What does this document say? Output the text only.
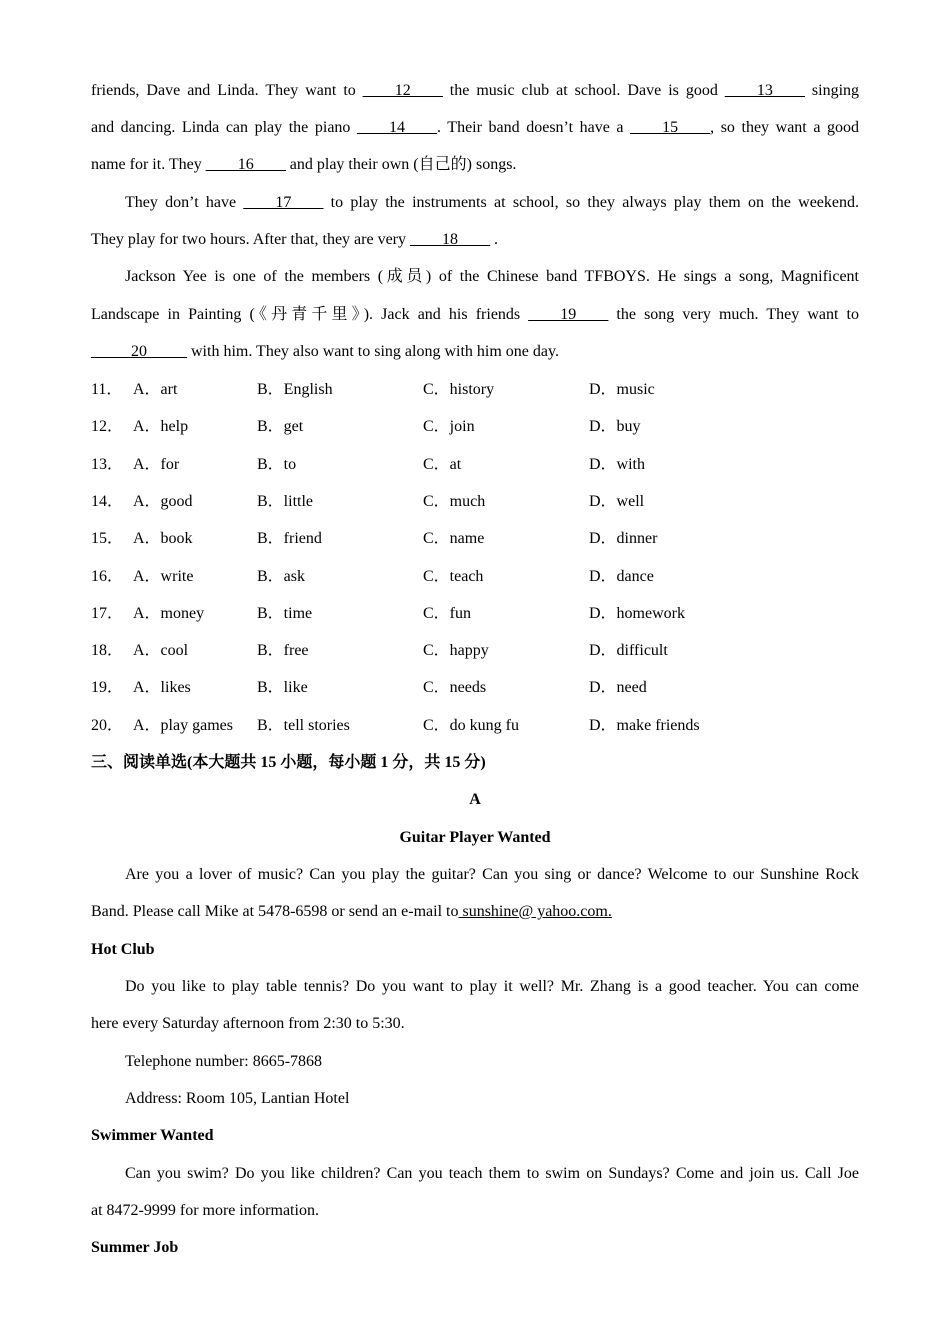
friends, Dave and Linda. They want to ____12____ the music club at school. Dave is good ____13____ singing
and dancing. Linda can play the piano ____14____. Their band doesn’t have a ____15____, so they want a good
name for it. They ____16____ and play their own (自己的) songs.
They don’t have ____17____ to play the instruments at school, so they always play them on the weekend.
They play for two hours. After that, they are very ____18____ .
Jackson Yee is one of the members (成员) of the Chinese band TFBOYS. He sings a song, Magnificent
Landscape in Painting (《丹青千里》). Jack and his friends ____19____ the song very much. They want to
_____20_____ with him. They also want to sing along with him one day.
11． A．art	B．English	C．history	D．music
12． A．help	B．get	C．join	D．buy
13． A．for	B．to	C．at	D．with
14． A．good	B．little	C．much	D．well
15． A．book	B．friend	C．name	D．dinner
16． A．write	B．ask	C．teach	D．dance
17． A．money	B．time	C．fun	D．homework
18． A．cool	B．free	C．happy	D．difficult
19． A．likes	B．like	C．needs	D．need
20． A．play games B．tell stories	C．do kung fu	D．make friends
三、阅读单选(本大题共 15 小题，每小题 1 分，共 15 分)
A
Guitar Player Wanted
Are you a lover of music? Can you play the guitar? Can you sing or dance? Welcome to our Sunshine Rock
Band. Please call Mike at 5478-6598 or send an e-mail to sunshine@ yahoo.com.
Hot Club
Do you like to play table tennis? Do you want to play it well? Mr. Zhang is a good teacher. You can come
here every Saturday afternoon from 2:30 to 5:30.
Telephone number: 8665-7868
Address: Room 105, Lantian Hotel
Swimmer Wanted
Can you swim? Do you like children? Can you teach them to swim on Sundays? Come and join us. Call Joe
at 8472-9999 for more information.
Summer Job
